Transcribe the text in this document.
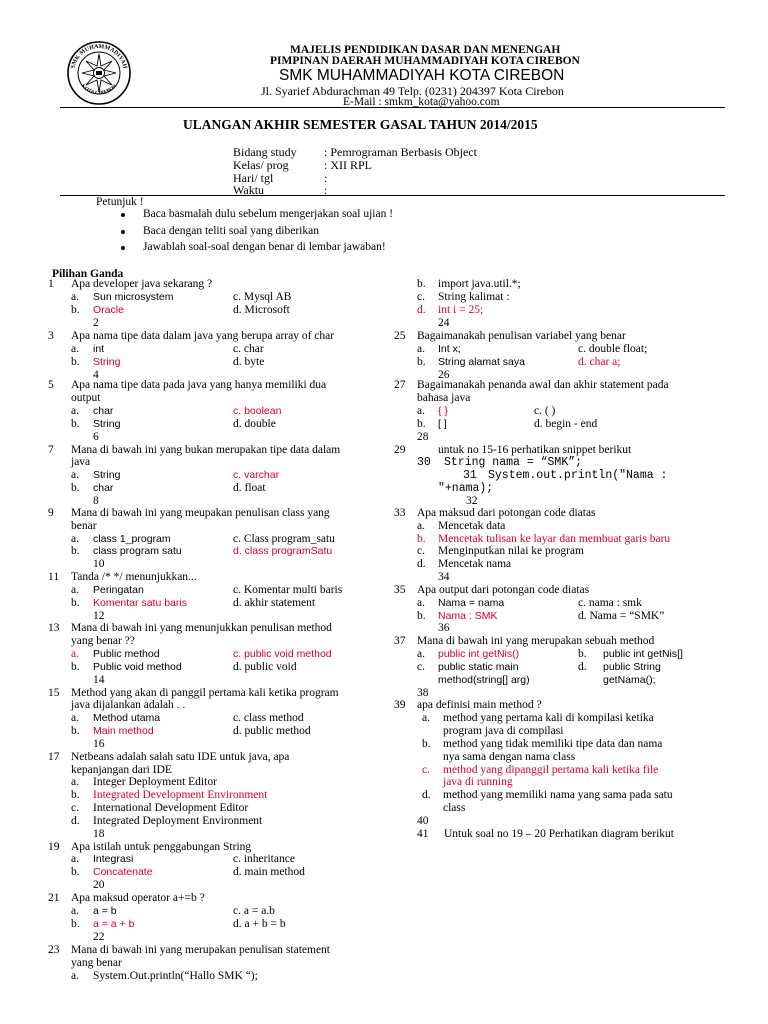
SMK MUHAMMADIYAH
KOTA CIREBON
MAJELIS PENDIDIKAN DASAR DAN MENENGAH
PIMPINAN DAERAH MUHAMMADIYAH KOTA CIREBON
SMK MUHAMMADIYAH KOTA CIREBON
Jl. Syarief Abdurachman 49 Telp. (0231) 204397 Kota Cirebon
E-Mail : smkm_kota@yahoo.com
ULANGAN AKHIR SEMESTER GASAL TAHUN 2014/2015
Bidang study : Pemrograman Berbasis Object
Kelas/ prog	: XII RPL
Hari/ tgl	:
Waktu	:
Petunjuk !
Baca basmalah dulu sebelum mengerjakan soal ujian !
Baca dengan teliti soal yang diberikan
Jawablah soal-soal dengan benar di lembar jawaban!
Pilihan Ganda
1 Apa developer java sekarang ?
a. Sun microsystem	c. Mysql AB
b. Oracle	d. Microsoft
2
3 Apa nama tipe data dalam java yang berupa array of char
a. int	c. char
b. String	d. byte
4
5 Apa nama tipe data pada java yang hanya memiliki dua
output
a. char	c. boolean
b. String	d. double
6
7 Mana di bawah ini yang bukan merupakan tipe data dalam
java
a. String	c. varchar
b. char	d. float
8
9 Mana di bawah ini yang meupakan penulisan class yang
benar
a. class 1_program	c. Class program_satu
b. class program satu	d. class programSatu
10
11 Tanda /* */ menunjukkan...
a. Peringatan	c. Komentar multi baris
b. Komentar satu baris	d. akhir statement
12
13 Mana di bawah ini yang menunjukkan penulisan method
yang benar ??
a. Public method	c. public void method
b. Public void method	d. public void
14
15 Method yang akan di panggil pertama kali ketika program
java dijalankan adalah . .
a. Method utama	c. class method
b. Main method	d. public method
16
17 Netbeans adalah salah satu IDE untuk java, apa
kepanjangan dari IDE
a. Integer Deployment Editor
b. Integrated Development Environment
c. International Development Editor
d. Integrated Deployment Environment
18
19 Apa istilah untuk penggabungan String
a. Integrasi	c. inheritance
b. Concatenate	d. main method
20
21 Apa maksud operator a+=b ?
a. a = b	c. a = a.b
b. a = a + b	d. a + b = b
22
23 Mana di bawah ini yang merupakan penulisan statement
yang benar
a. System.Out.println(“Hallo SMK “);
b. import java.util.*;
c. String kalimat :
d. int i = 25;
24
25 Bagaimanakah penulisan variabel yang benar
a. Int x;	c. double float;
b. String alamat saya	d. char a;
26
27 Bagaimanakah penanda awal dan akhir statement pada
bahasa java
a. { }	c. ( )
b. [ ]	d. begin - end
28
29	untuk no 15-16 perhatikan snippet berikut
30 String nama = “SMK”;
31 System.out.println("Nama :
"+nama);
32
33 Apa maksud dari potongan code diatas
a. Mencetak data
b. Mencetak tulisan ke layar dan membuat garis baru
c. Menginputkan nilai ke program
d. Mencetak nama
34
35 Apa output dari potongan code diatas
a. Nama = nama	c. nama : smk
b. Nama : SMK	d. Nama = “SMK”
36
37 Mana di bawah ini yang merupakan sebuah method
a. public int getNis()	b. public int getNis[]
c. public static main	d. public String
method(string[] arg)	getNama();
38
39 apa definisi main method ?
a. method yang pertama kali di kompilasi ketika
program java di compilasi
b. method yang tidak memiliki tipe data dan nama
nya sama dengan nama class
c. method yang dipanggil pertama kali ketika file
java di running
d. method yang memiliki nama yang sama pada satu
class
40
41 Untuk soal no 19 – 20 Perhatikan diagram berikut
